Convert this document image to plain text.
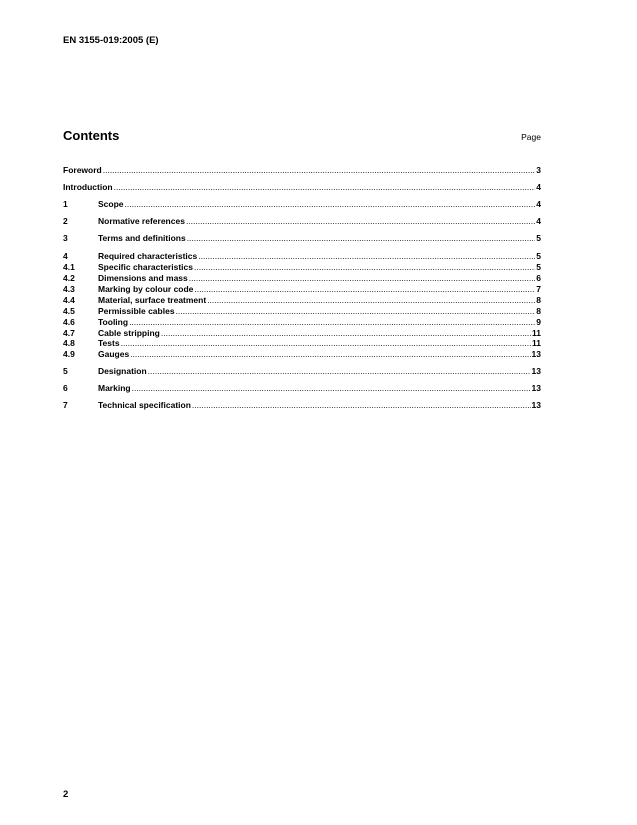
EN 3155-019:2005 (E)
Contents	Page
Foreword .....	3
Introduction .....	4
1	Scope .....	4
2	Normative references .....	4
3	Terms and definitions .....	5
4	Required characteristics .....	5
4.1	Specific characteristics .....	5
4.2	Dimensions and mass .....	6
4.3	Marking by colour code .....	7
4.4	Material, surface treatment .....	8
4.5	Permissible cables .....	8
4.6	Tooling .....	9
4.7	Cable stripping .....	11
4.8	Tests .....	11
4.9	Gauges .....	13
5	Designation .....	13
6	Marking .....	13
7	Technical specification .....	13
2
